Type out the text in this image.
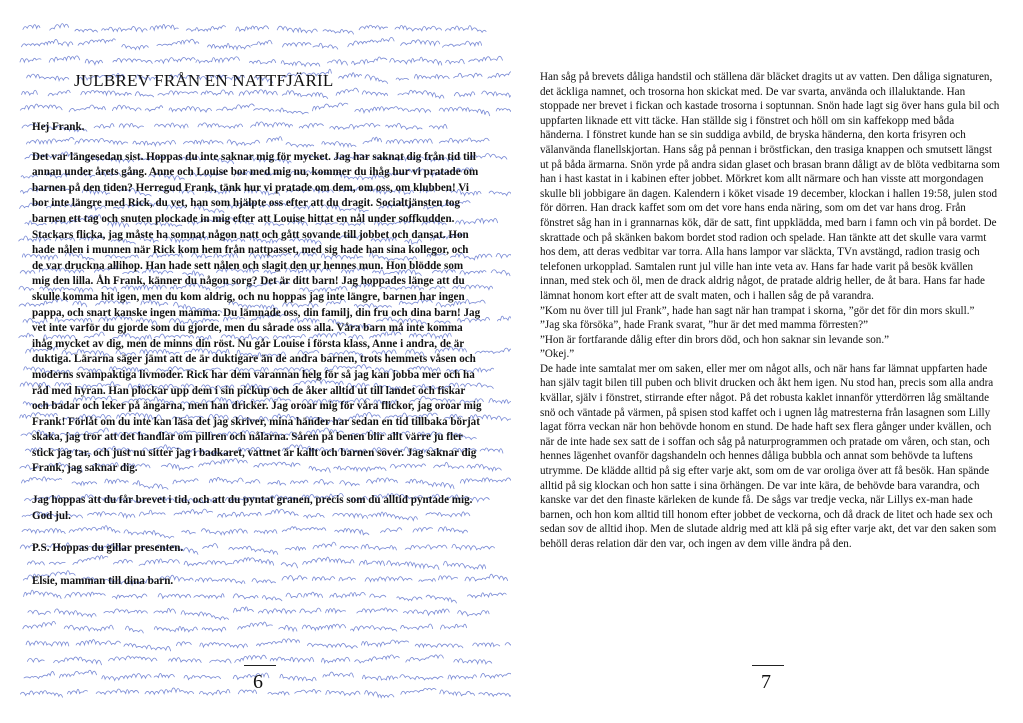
JULBREV FRÅN EN NATTFJÄRIL

Hej Frank.

Det var längesedan sist. Hoppas du inte saknar mig för mycket. Jag har saknat dig från tid till annan under årets gång. Anne och Louise bor med mig nu, kommer du ihåg hur vi pratade om barnen på den tiden? Herregud Frank, tänk hur vi pratade om dem, om oss, om klubben! Vi bor inte längre med Rick, du vet, han som hjälpte oss efter att du dragit. Socialtjänsten tog barnen ett tag och snuten plockade in mig efter att Louise hittat en nål under soffkudden. Stackars flicka, jag måste ha somnat någon natt och gått sovande till jobbet och dansat. Hon hade nålen i munnen när Rick kom hem från nattpasset, med sig hade han sina kollegor, och de var druckna allihop. Han hade sett nålen och slagit den ur hennes mun. Hon blödde som mig den lilla. Åh Frank, känner du någon sorg? Det är ditt barn! Jag hoppades länge att du skulle komma hit igen, men du kom aldrig, och nu hoppas jag inte längre, barnen har ingen pappa, och snart kanske ingen mamma. Du lämnade oss, din familj, din fru och dina barn! Jag vet inte varför du gjorde som du gjorde, men du sårade oss alla. Våra barn må inte komma ihåg mycket av dig, men de minns din röst. Nu går Louise i första klass, Anne i andra, de är duktiga. Lärarna säger jämt att de är duktigare än de andra barnen, trots hemmets våsen och moderns svampaktiga livmoder. Rick har dem varannan helg för så jag kan jobba mer och ha råd med hyran. Han plockar upp dem i sin pickup och de åker alltid ut till landet och fiskar och badar och leker på ängarna, men han dricker. Jag oroar mig för våra flickor, jag oroar mig Frank! Förlåt om du inte kan läsa det jag skriver, mina händer har sedan en tid tillbaka börjat skaka, jag tror att det handlar om pillren och nålarna. Såren på benen blir allt värre ju fler stick jag tar, och just nu sitter jag i badkaret, vattnet är kallt och barnen sover. Jag saknar dig Frank, jag saknar dig.

Jag hoppas att du får brevet i tid, och att du pyntat granen, precis som du alltid pyntade mig. God jul.

P.S. Hoppas du gillar presenten.

Elsie, mamman till dina barn.

6

Han såg på brevets dåliga handstil och ställena där bläcket dragits ut av vatten. Den dåliga signaturen, det äckliga namnet, och trosorna hon skickat med. De var svarta, använda och illaluktande. Han stoppade ner brevet i fickan och kastade trosorna i soptunnan. Snön hade lagt sig över hans gula bil och uppfarten liknade ett vitt täcke. Han ställde sig i fönstret och höll om sin kaffekopp med båda händerna. I fönstret kunde han se sin suddiga avbild, de bryska händerna, den korta frisyren och välanvända flanellskjortan. Hans såg på pennan i bröstfickan, den trasiga knappen och smutsett längst ut på båda ärmarna. Snön yrde på andra sidan glaset och brasan brann dåligt av de blöta vedbitarna som han i hast kastat in i kabinen efter jobbet. Mörkret kom allt närmare och han visste att morgondagen skulle bli jobbigare än dagen. Kalendern i köket visade 19 december, klockan i hallen 19:58, julen stod för dörren. Han drack kaffet som om det vore hans enda näring, som om det var hans drog. Från fönstret såg han in i grannarnas kök, där de satt, fint uppklädda, med barn i famn och vin på bordet. De skrattade och på skänken bakom bordet stod radion och spelade. Han tänkte att det skulle vara varmt hos dem, att deras vedbitar var torra. Alla hans lampor var släckta, TVn avstängd, radion trasig och telefonen urkopplad. Samtalen runt jul ville han inte veta av. Hans far hade varit på besök kvällen innan, med stek och öl, men de drack aldrig något, de pratade aldrig heller, de åt bara. Hans far hade lämnat honom kort efter att de svalt maten, och i hallen såg de på varandra.

”Kom nu över till jul Frank”, hade han sagt när han trampat i skorna, ”gör det för din mors skull.”

”Jag ska försöka”, hade Frank svarat, ”hur är det med mamma förresten?”

”Hon är fortfarande dålig efter din brors död, och hon saknar sin levande son.”

”Okej.”

De hade inte samtalat mer om saken, eller mer om något alls, och när hans far lämnat uppfarten hade han själv tagit bilen till puben och blivit drucken och åkt hem igen. Nu stod han, precis som alla andra kvällar, själv i fönstret, stirrande efter något. På det robusta kaklet innanför ytterdörren låg smältande snö och väntade på värmen, på spisen stod kaffet och i ugnen låg matresterna från lasagnen som Lilly lagat förra veckan när hon behövde honom en stund. De hade haft sex flera gånger under kvällen, och när de inte hade sex satt de i soffan och såg på naturprogrammen och pratade om våren, och stan, och hennes lägenhet ovanför dagshandeln och hennes dåliga bubbla och annat som behövde ta luftens utrymme. De klädde alltid på sig efter varje akt, som om de var oroliga över att få besök. Han spände alltid på sig klockan och hon satte i sina örhängen. De var inte kära, de behövde bara varandra, och kanske var det den finaste kärleken de kunde få. De sågs var tredje vecka, när Lillys ex-man hade barnen, och hon kom alltid till honom efter jobbet de veckorna, och då drack de litet och hade sex och sedan sov de alltid ihop. Men de slutade aldrig med att klä på sig efter varje akt, det var den saken som behöll deras relation där den var, och ingen av dem ville ändra på den.

7
